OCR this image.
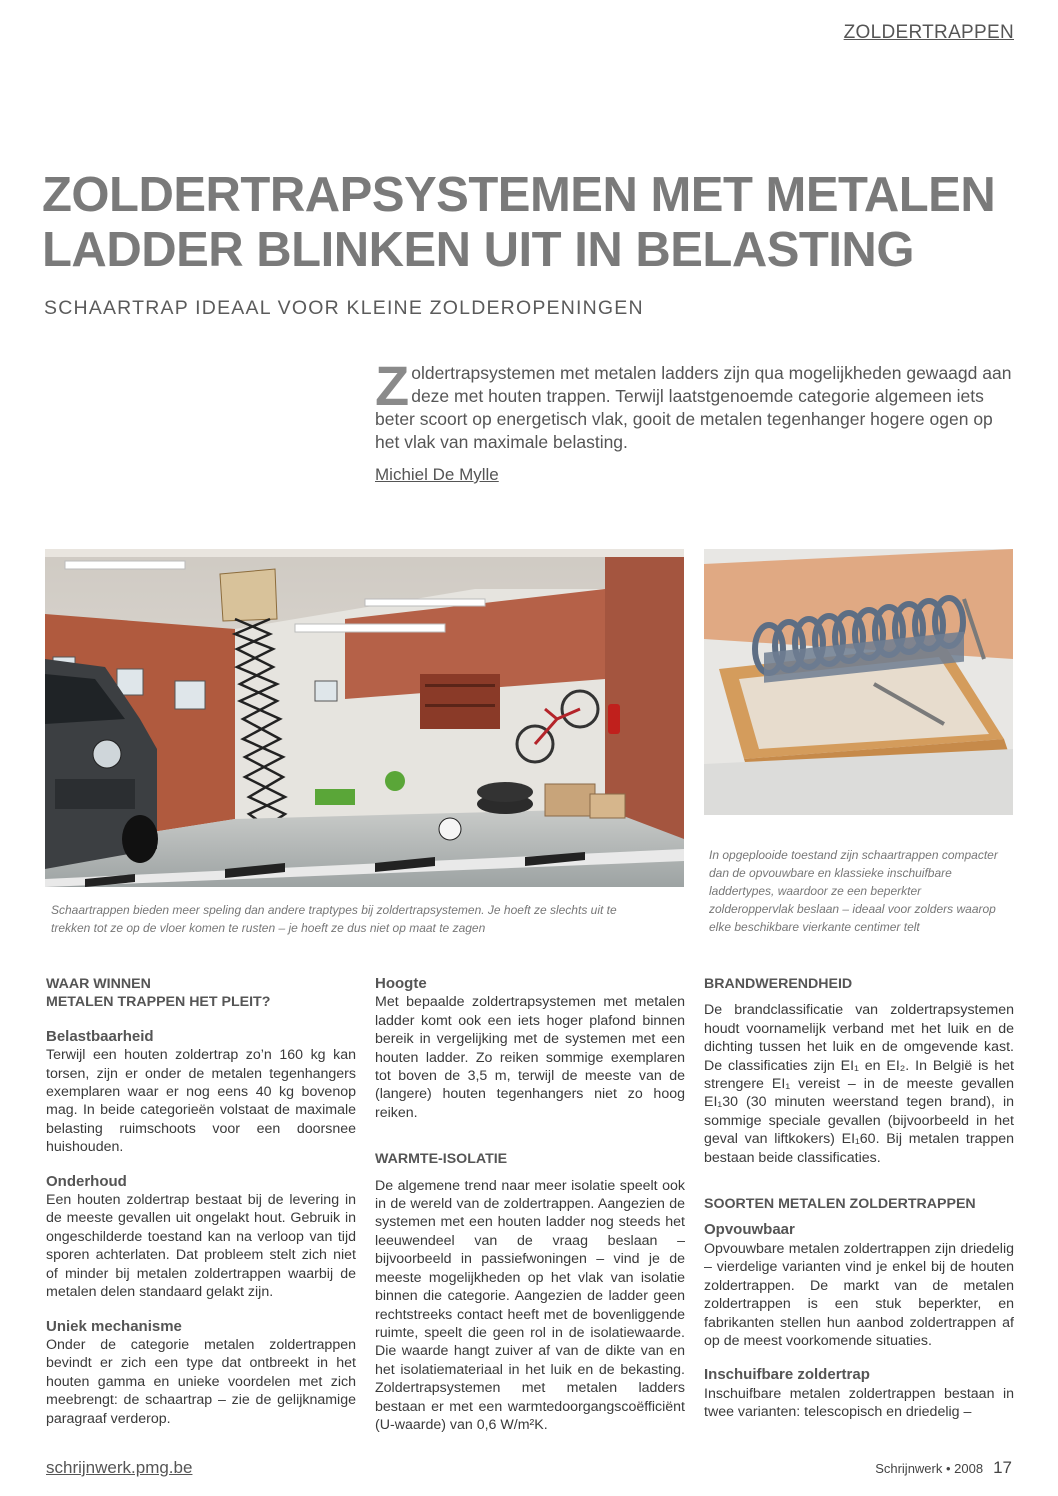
ZOLDERTRAPPEN
ZOLDERTRAPSYSTEMEN MET METALEN
LADDER BLINKEN UIT IN BELASTING
SCHAARTRAP IDEAAL VOOR KLEINE ZOLDEROPENINGEN
Zoldertrapsystemen met metalen ladders zijn qua mogelijkheden gewaagd aan deze met houten trappen. Terwijl laatstgenoemde categorie algemeen iets beter scoort op energetisch vlak, gooit de metalen tegenhanger hogere ogen op het vlak van maximale belasting.
Michiel De Mylle
Schaartrappen bieden meer speling dan andere traptypes bij zoldertrapsystemen. Je hoeft ze slechts uit te trekken tot ze op de vloer komen te rusten – je hoeft ze dus niet op maat te zagen
In opgeplooide toestand zijn schaartrappen compacter dan de opvouwbare en klassieke inschuifbare laddertypes, waardoor ze een beperkter zolderoppervlak beslaan – ideaal voor zolders waarop elke beschikbare vierkante centimer telt
WAAR WINNEN
METALEN TRAPPEN HET PLEIT?
Belastbaarheid

Terwijl een houten zoldertrap zo’n 160 kg kan torsen, zijn er onder de metalen tegenhangers exemplaren waar er nog eens 40 kg bovenop mag. In beide categorieën volstaat de maximale belasting ruimschoots voor een doorsnee huishouden.

Onderhoud

Een houten zoldertrap bestaat bij de levering in de meeste gevallen uit ongelakt hout. Gebruik in ongeschilderde toestand kan na verloop van tijd sporen achterlaten. Dat probleem stelt zich niet of minder bij metalen zoldertrappen waarbij de metalen delen standaard gelakt zijn.

Uniek mechanisme

Onder de categorie metalen zoldertrappen bevindt er zich een type dat ontbreekt in het houten gamma en unieke voordelen met zich meebrengt: de schaartrap – zie de gelijknamige paragraaf verderop.

Hoogte

Met bepaalde zoldertrapsystemen met metalen ladder komt ook een iets hoger plafond binnen bereik in vergelijking met de systemen met een houten ladder. Zo reiken sommige exemplaren tot boven de 3,5 m, terwijl de meeste van de (langere) houten tegenhangers niet zo hoog reiken.

WARMTE-ISOLATIE

De algemene trend naar meer isolatie speelt ook in de wereld van de zoldertrappen. Aangezien de systemen met een houten ladder nog steeds het leeuwendeel van de vraag beslaan – bijvoorbeeld in passiefwoningen – vind je de meeste mogelijkheden op het vlak van isolatie binnen die categorie. Aangezien de ladder geen rechtstreeks contact heeft met de bovenliggende ruimte, speelt die geen rol in de isolatiewaarde. Die waarde hangt zuiver af van de dikte van en het isolatiemateriaal in het luik en de bekasting. Zoldertrapsystemen met metalen ladders bestaan er met een warmtedoorgangscoëfficiënt (U-waarde) van 0,6 W/m²K.

BRANDWERENDHEID

De brandclassificatie van zoldertrapsystemen houdt voornamelijk verband met het luik en de dichting tussen het luik en de omgevende kast. De classificaties zijn EI₁ en EI₂. In België is het strengere EI₁ vereist – in de meeste gevallen EI₁30 (30 minuten weerstand tegen brand), in sommige speciale gevallen (bijvoorbeeld in het geval van liftkokers) EI₁60. Bij metalen trappen bestaan beide classificaties.

SOORTEN METALEN ZOLDERTRAPPEN
Opvouwbaar

Opvouwbare metalen zoldertrappen zijn driedelig – vierdelige varianten vind je enkel bij de houten zoldertrappen. De markt van de metalen zoldertrappen is een stuk beperkter, en fabrikanten stellen hun aanbod zoldertrappen af op de meest voorkomende situaties.

Inschuifbare zoldertrap

Inschuifbare metalen zoldertrappen bestaan in twee varianten: telescopisch en driedelig –

schrijnwerk.pmg.be	Schrijnwerk • 2008 17
